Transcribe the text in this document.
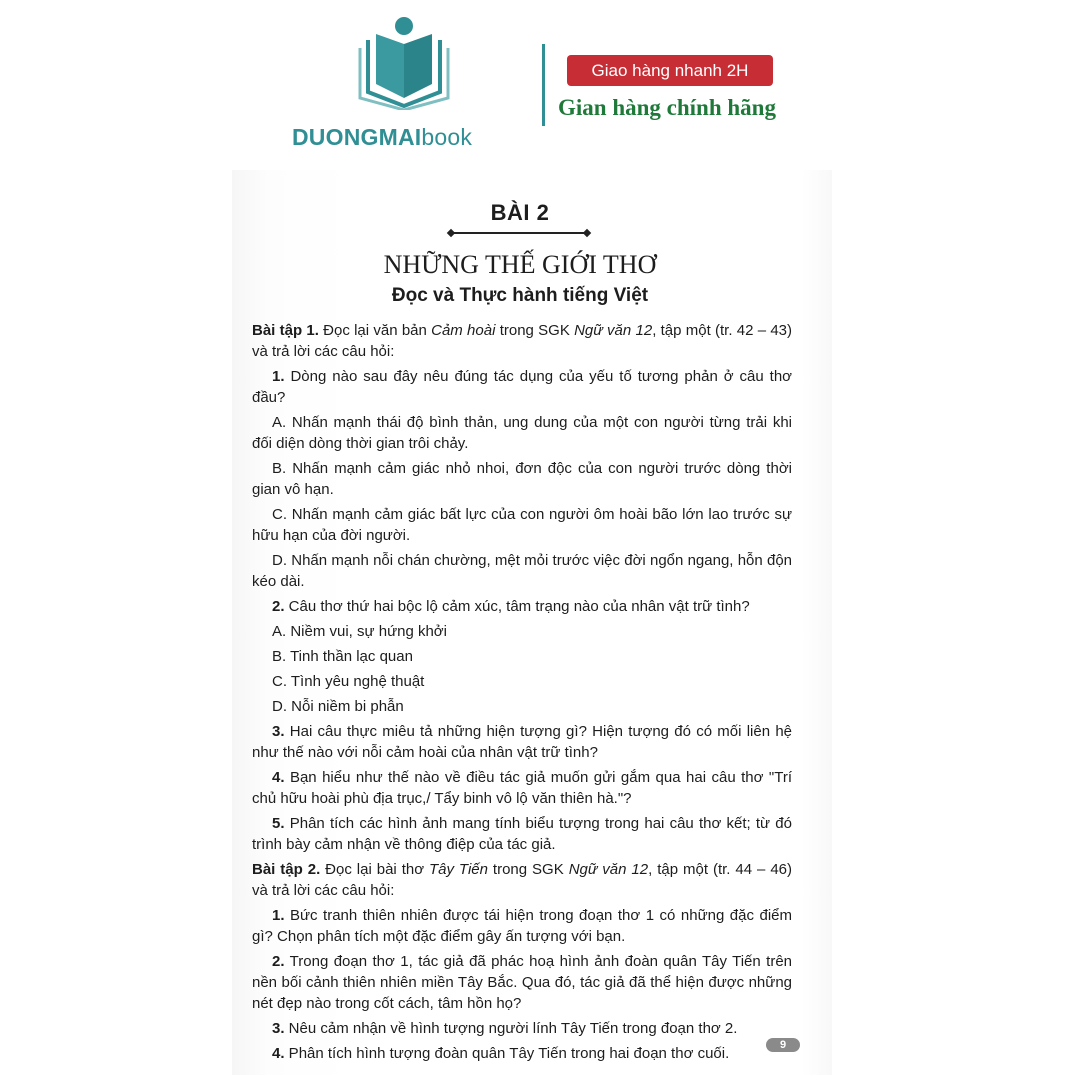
DUONGMAIbook
Giao hàng nhanh 2H
Gian hàng chính hãng
BÀI 2
NHỮNG THẾ GIỚI THƠ
Đọc và Thực hành tiếng Việt

Bài tập 1. Đọc lại văn bản Cảm hoài trong SGK Ngữ văn 12, tập một (tr. 42 – 43) và trả lời các câu hỏi:

1. Dòng nào sau đây nêu đúng tác dụng của yếu tố tương phản ở câu thơ đầu?

A. Nhấn mạnh thái độ bình thản, ung dung của một con người từng trải khi đối diện dòng thời gian trôi chảy.

B. Nhấn mạnh cảm giác nhỏ nhoi, đơn độc của con người trước dòng thời gian vô hạn.

C. Nhấn mạnh cảm giác bất lực của con người ôm hoài bão lớn lao trước sự hữu hạn của đời người.

D. Nhấn mạnh nỗi chán chường, mệt mỏi trước việc đời ngổn ngang, hỗn độn kéo dài.

2. Câu thơ thứ hai bộc lộ cảm xúc, tâm trạng nào của nhân vật trữ tình?

A. Niềm vui, sự hứng khởi

B. Tinh thần lạc quan

C. Tình yêu nghệ thuật

D. Nỗi niềm bi phẫn

3. Hai câu thực miêu tả những hiện tượng gì? Hiện tượng đó có mối liên hệ như thế nào với nỗi cảm hoài của nhân vật trữ tình?

4. Bạn hiểu như thế nào về điều tác giả muốn gửi gắm qua hai câu thơ "Trí chủ hữu hoài phù địa trục,/ Tẩy binh vô lộ văn thiên hà."?

5. Phân tích các hình ảnh mang tính biểu tượng trong hai câu thơ kết; từ đó trình bày cảm nhận về thông điệp của tác giả.

Bài tập 2. Đọc lại bài thơ Tây Tiến trong SGK Ngữ văn 12, tập một (tr. 44 – 46) và trả lời các câu hỏi:

1. Bức tranh thiên nhiên được tái hiện trong đoạn thơ 1 có những đặc điểm gì? Chọn phân tích một đặc điểm gây ấn tượng với bạn.

2. Trong đoạn thơ 1, tác giả đã phác hoạ hình ảnh đoàn quân Tây Tiến trên nền bối cảnh thiên nhiên miền Tây Bắc. Qua đó, tác giả đã thể hiện được những nét đẹp nào trong cốt cách, tâm hồn họ?

3. Nêu cảm nhận về hình tượng người lính Tây Tiến trong đoạn thơ 2.

4. Phân tích hình tượng đoàn quân Tây Tiến trong hai đoạn thơ cuối.	9
